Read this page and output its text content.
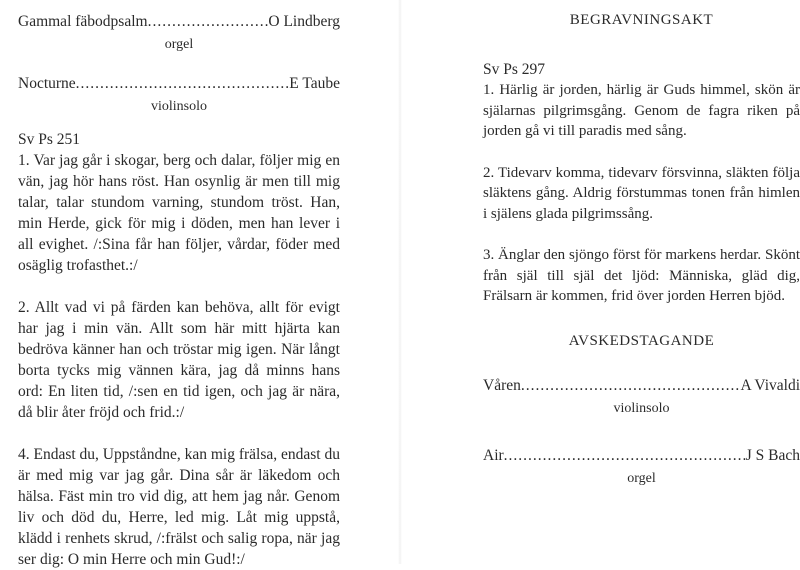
Gammal fäbodpsalm .....	O Lindberg
orgel
Nocturne .....	E Taube
violinsolo
Sv Ps 251

1. Var jag går i skogar, berg och dalar, följer mig en vän, jag hör hans röst. Han osynlig är men till mig talar, talar stundom varning, stundom tröst. Han, min Herde, gick för mig i döden, men han lever i all evighet. /:Sina får han följer, vårdar, föder med osäglig trofasthet.:/

2. Allt vad vi på färden kan behöva, allt för evigt har jag i min vän. Allt som här mitt hjärta kan bedröva känner han och tröstar mig igen. När långt borta tycks mig vännen kära, jag då minns hans ord: En liten tid, /:sen en tid igen, och jag är nära, då blir åter fröjd och frid.:/

4. Endast du, Uppståndne, kan mig frälsa, endast du är med mig var jag går. Dina sår är läkedom och hälsa. Fäst min tro vid dig, att hem jag når. Genom liv och död du, Herre, led mig. Låt mig uppstå, klädd i renhets skrud, /:frälst och salig ropa, när jag ser dig: O min Herre och min Gud!:/

BEGRAVNINGSAKT
Sv Ps 297

1. Härlig är jorden, härlig är Guds himmel, skön är själarnas pilgrimsgång. Genom de fagra riken på jorden gå vi till paradis med sång.

2. Tidevarv komma, tidevarv försvinna, släkten följa släktens gång. Aldrig förstummas tonen från himlen i själens glada pilgrimssång.

3. Änglar den sjöngo först för markens herdar. Skönt från själ till själ det ljöd: Människa, gläd dig, Frälsarn är kommen, frid över jorden Herren bjöd.

AVSKEDSTAGANDE
Våren .....	A Vivaldi
violinsolo
Air .....	J S Bach
orgel
